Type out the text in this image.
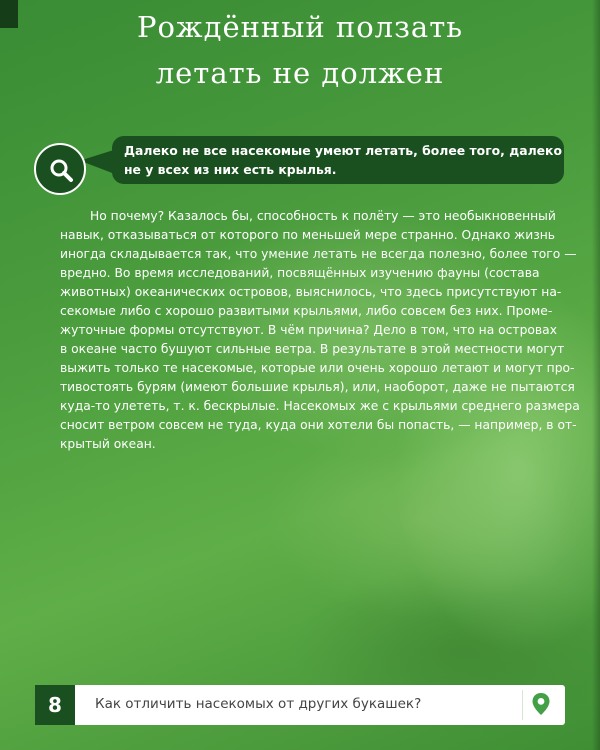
Рождённый ползать
летать не должен
Далеко не все насекомые умеют летать, более того, далеко
не у всех из них есть крылья.
Но почему? Казалось бы, способность к полёту — это необыкновенный
навык, отказываться от которого по меньшей мере странно. Однако жизнь
иногда складывается так, что умение летать не всегда полезно, более того —
вредно. Во время исследований, посвящённых изучению фауны (состава
животных) океанических островов, выяснилось, что здесь присутствуют на-
секомые либо с хорошо развитыми крыльями, либо совсем без них. Проме-
жуточные формы отсутствуют. В чём причина? Дело в том, что на островах
в океане часто бушуют сильные ветра. В результате в этой местности могут
выжить только те насекомые, которые или очень хорошо летают и могут про-
тивостоять бурям (имеют большие крылья), или, наоборот, даже не пытаются
куда-то улететь, т. к. бескрылые. Насекомых же с крыльями среднего размера
сносит ветром совсем не туда, куда они хотели бы попасть, — например, в от-
крытый океан.
8	Как отличить насекомых от других букашек?
